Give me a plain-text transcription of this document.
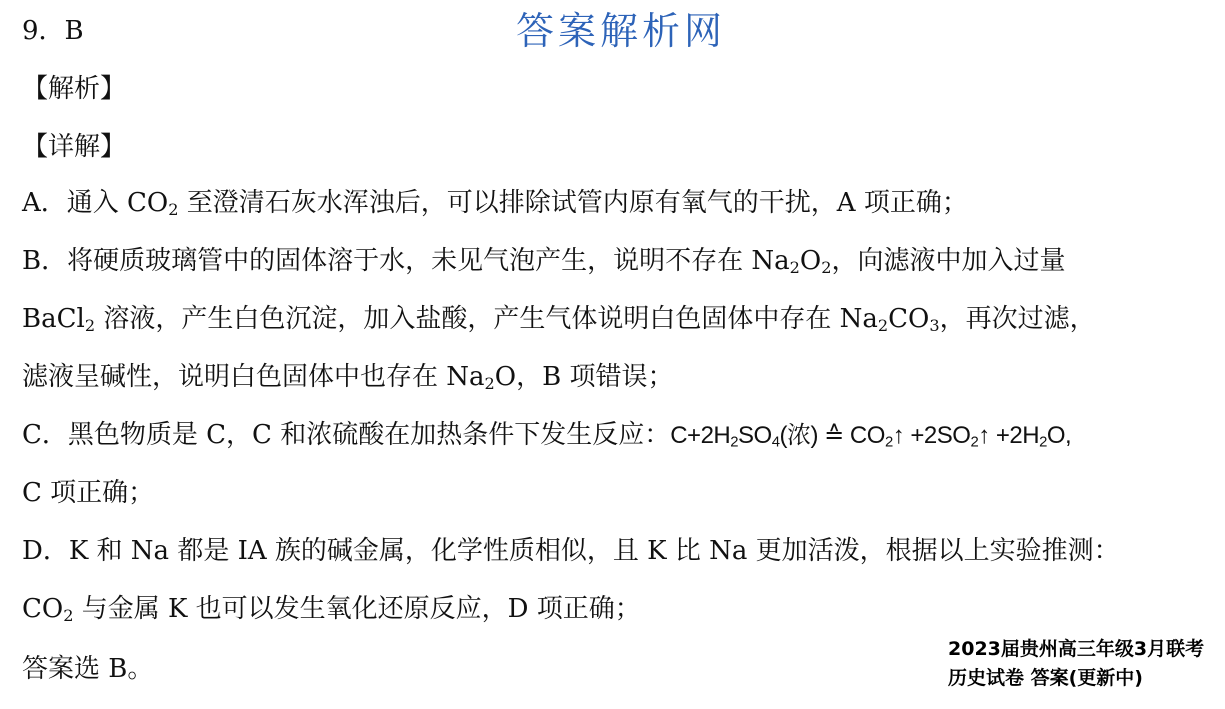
答案解析网
9．B
【解析】
【详解】
A．通入 $CO_2$ 至澄清石灰水浑浊后，可以排除试管内原有氧气的干扰，A 项正确；
B．将硬质玻璃管中的固体溶于水，未见气泡产生，说明不存在 $Na_2O_2$，向滤液中加入过量
BaCl$_2$ 溶液，产生白色沉淀，加入盐酸，产生气体说明白色固体中存在 $Na_2CO_3$，再次过滤，
滤液呈碱性，说明白色固体中也存在 $Na_2O$，B 项错误；
C．黑色物质是 C，C 和浓硫酸在加热条件下发生反应：$C+2H_2SO_4$(浓) ≙ $CO_2↑$ $+2SO_2↑ +2H_2O$,
C 项正确；
D．K 和 Na 都是 IA 族的碱金属，化学性质相似，且 K 比 Na 更加活泼，根据以上实验推测：
$CO_2$ 与金属 K 也可以发生氧化还原反应，D 项正确；
答案选 B。
2023届贵州高三年级3月联考
历史试卷 答案(更新中)
